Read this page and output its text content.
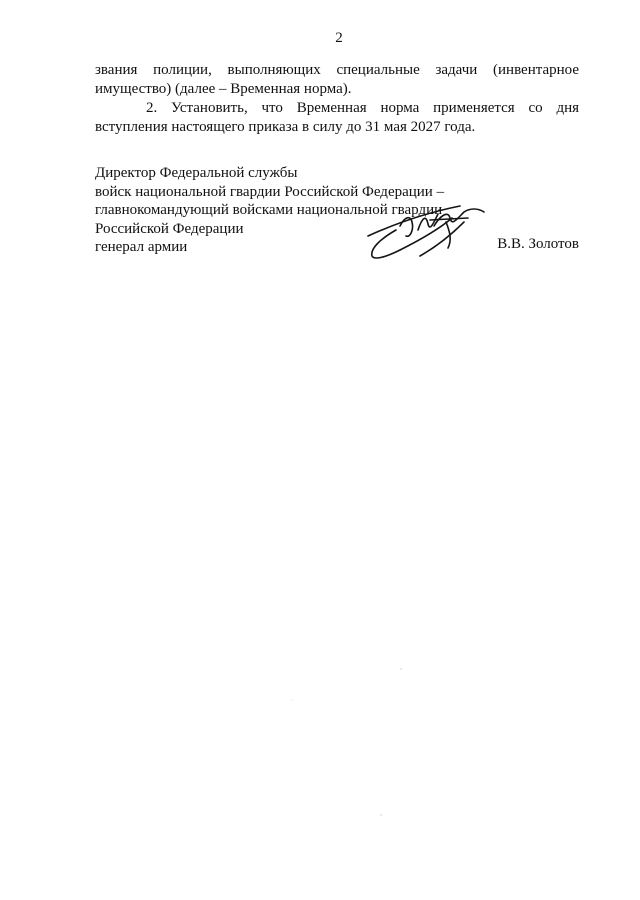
2
звания полиции, выполняющих специальные задачи (инвентарное
имущество) (далее – Временная норма).
2. Установить, что Временная норма применяется со дня
вступления настоящего приказа в силу до 31 мая 2027 года.
Директор Федеральной службы
войск национальной гвардии Российской Федерации –
главнокомандующий войсками национальной гвардии
Российской Федерации
генерал армии	В.В. Золотов
